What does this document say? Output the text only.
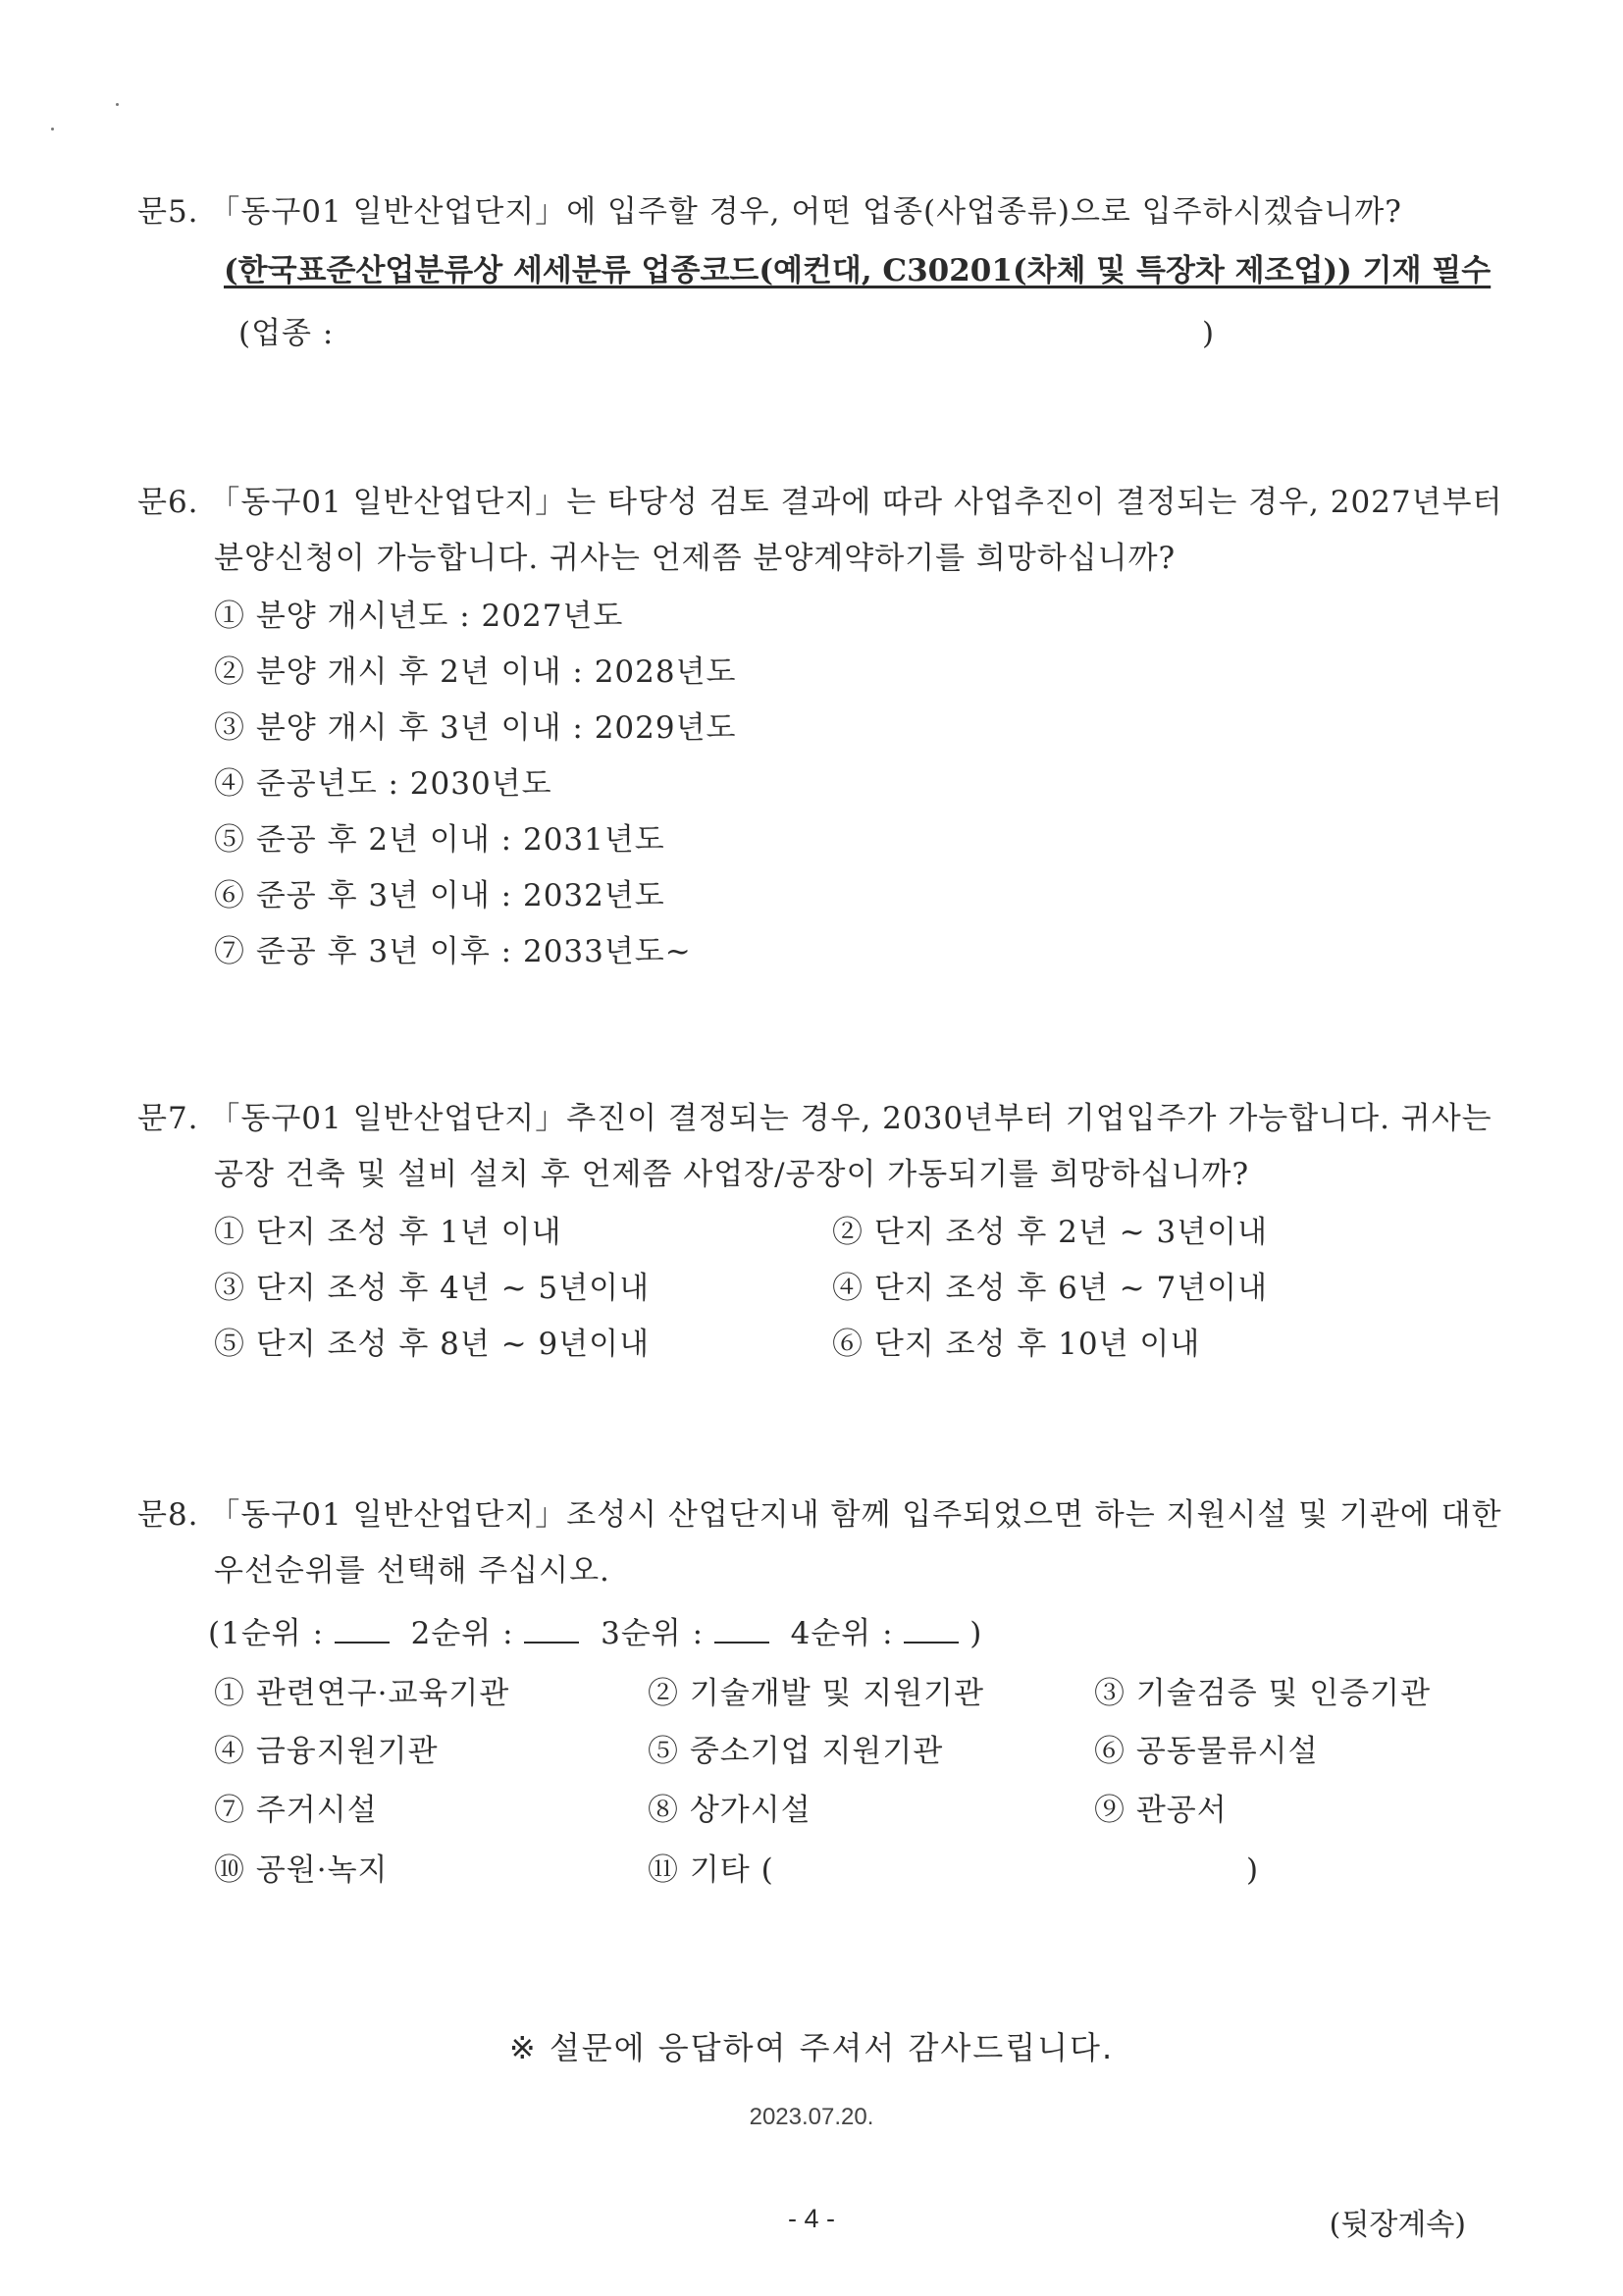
문5. 「동구01 일반산업단지」에 입주할 경우, 어떤 업종(사업종류)으로 입주하시겠습니까?
(한국표준산업분류상 세세분류 업종코드(예컨대, C30201(차체 및 특장차 제조업)) 기재 필수
(업종 :	)
문6. 「동구01 일반산업단지」는 타당성 검토 결과에 따라 사업추진이 결정되는 경우, 2027년부터
분양신청이 가능합니다. 귀사는 언제쯤 분양계약하기를 희망하십니까?
① 분양 개시년도 : 2027년도
② 분양 개시 후 2년 이내 : 2028년도
③ 분양 개시 후 3년 이내 : 2029년도
④ 준공년도 : 2030년도
⑤ 준공 후 2년 이내 : 2031년도
⑥ 준공 후 3년 이내 : 2032년도
⑦ 준공 후 3년 이후 : 2033년도~
문7. 「동구01 일반산업단지」추진이 결정되는 경우, 2030년부터 기업입주가 가능합니다. 귀사는
공장 건축 및 설비 설치 후 언제쯤 사업장/공장이 가동되기를 희망하십니까?
① 단지 조성 후 1년 이내	② 단지 조성 후 2년 ~ 3년이내
③ 단지 조성 후 4년 ~ 5년이내	④ 단지 조성 후 6년 ~ 7년이내
⑤ 단지 조성 후 8년 ~ 9년이내	⑥ 단지 조성 후 10년 이내
문8. 「동구01 일반산업단지」조성시 산업단지내 함께 입주되었으면 하는 지원시설 및 기관에 대한
우선순위를 선택해 주십시오.
(1순위 :	2순위 :	3순위 :	4순위 :	)
① 관련연구·교육기관	② 기술개발 및 지원기관	③ 기술검증 및 인증기관
④ 금융지원기관	⑤ 중소기업 지원기관	⑥ 공동물류시설
⑦ 주거시설	⑧ 상가시설	⑨ 관공서
⑩ 공원·녹지	⑪ 기타 (	)
※ 설문에 응답하여 주셔서 감사드립니다.
2023.07.20.
- 4 -	(뒷장계속)
